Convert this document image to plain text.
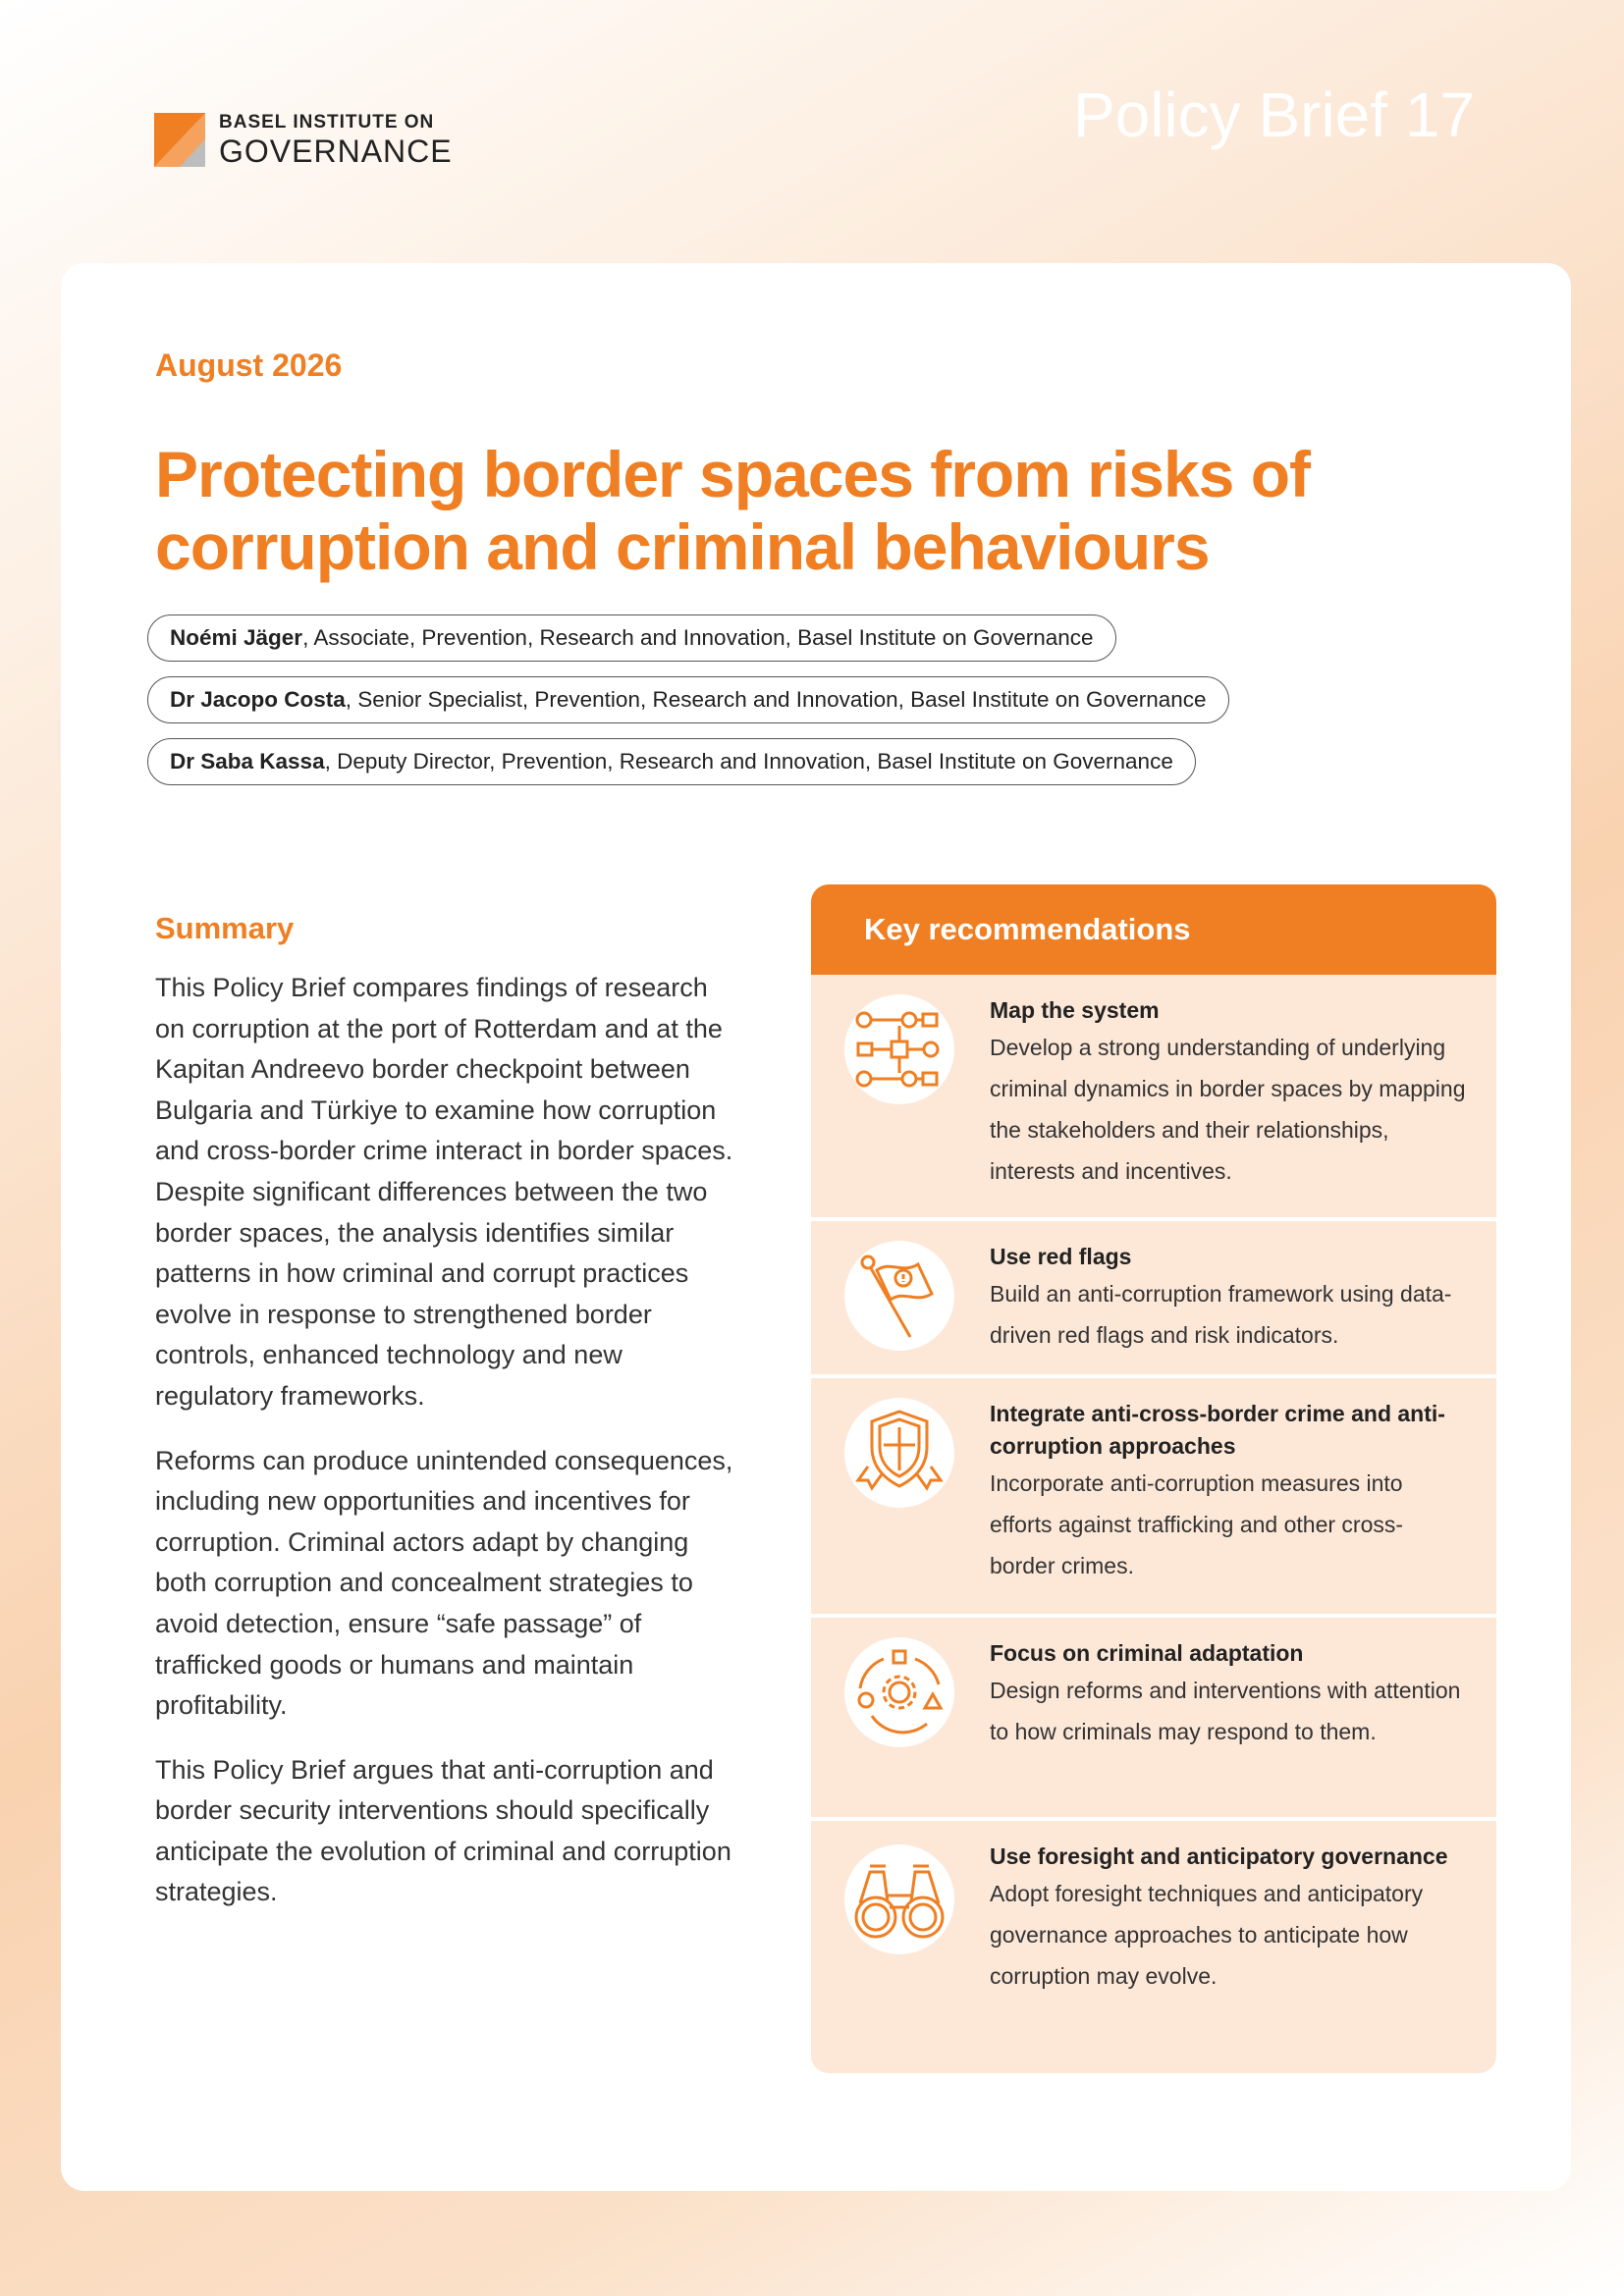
BASEL INSTITUTE ON
GOVERNANCE
Policy Brief 17
August 2026
Protecting border spaces from risks of corruption and criminal behaviours
Noémi Jäger, Associate, Prevention, Research and Innovation, Basel Institute on Governance
Dr Jacopo Costa, Senior Specialist, Prevention, Research and Innovation, Basel Institute on Governance
Dr Saba Kassa, Deputy Director, Prevention, Research and Innovation, Basel Institute on Governance
Summary

This Policy Brief compares findings of research on corruption at the port of Rotterdam and at the Kapitan Andreevo border checkpoint between Bulgaria and Türkiye to examine how corruption and cross-border crime interact in border spaces. Despite significant differences between the two border spaces, the analysis identifies similar patterns in how criminal and corrupt practices evolve in response to strengthened border controls, enhanced technology and new regulatory frameworks.

Reforms can produce unintended consequences, including new opportunities and incentives for corruption. Criminal actors adapt by changing both corruption and concealment strategies to avoid detection, ensure “safe passage” of trafficked goods or humans and maintain profitability.

This Policy Brief argues that anti-corruption and border security interventions should specifically anticipate the evolution of criminal and corruption strategies.

Key recommendations
Map the system

Develop a strong understanding of underlying criminal dynamics in border spaces by mapping the stakeholders and their relationships, interests and incentives.

Use red flags

Build an anti-corruption framework using data-driven red flags and risk indicators.

Integrate anti-cross-border crime and anti-corruption approaches

Incorporate anti-corruption measures into efforts against trafficking and other cross-border crimes.

Focus on criminal adaptation

Design reforms and interventions with attention to how criminals may respond to them.

Use foresight and anticipatory governance

Adopt foresight techniques and anticipatory governance approaches to anticipate how corruption may evolve.
